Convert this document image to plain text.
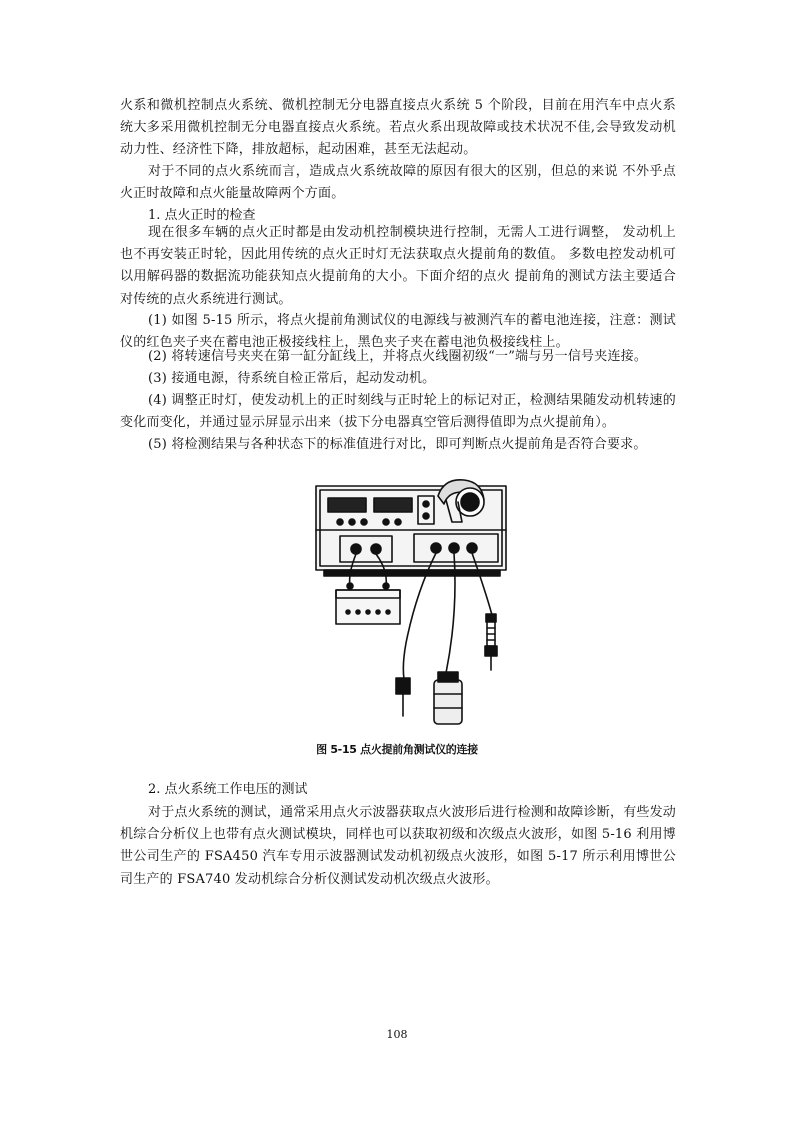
火系和微机控制点火系统、微机控制无分电器直接点火系统 5 个阶段，目前在用汽车中点火系统大多采用微机控制无分电器直接点火系统。若点火系出现故障或技术状况不佳,会导致发动机动力性、经济性下降，排放超标，起动困难，甚至无法起动。

对于不同的点火系统而言，造成点火系统故障的原因有很大的区别，但总的来说 不外乎点火正时故障和点火能量故障两个方面。

1. 点火正时的检查

现在很多车辆的点火正时都是由发动机控制模块进行控制，无需人工进行调整， 发动机上也不再安装正时轮，因此用传统的点火正时灯无法获取点火提前角的数值。 多数电控发动机可以用解码器的数据流功能获知点火提前角的大小。下面介绍的点火 提前角的测试方法主要适合对传统的点火系统进行测试。

(1) 如图 5-15 所示，将点火提前角测试仪的电源线与被测汽车的蓄电池连接，注意：测试仪的红色夹子夹在蓄电池正极接线柱上，黑色夹子夹在蓄电池负极接线柱上。

(2) 将转速信号夹夹在第一缸分缸线上，并将点火线圈初级“一”端与另一信号夹连接。

(3) 接通电源，待系统自检正常后，起动发动机。

(4) 调整正时灯，使发动机上的正时刻线与正时轮上的标记对正，检测结果随发动机转速的变化而变化，并通过显示屏显示出来（拔下分电器真空管后测得值即为点火提前角）。

(5) 将检测结果与各种状态下的标准值进行对比，即可判断点火提前角是否符合要求。

图 5-15 点火提前角测试仪的连接

2. 点火系统工作电压的测试

对于点火系统的测试，通常采用点火示波器获取点火波形后进行检测和故障诊断，有些发动机综合分析仪上也带有点火测试模块，同样也可以获取初级和次级点火波形，如图 5-16 利用博世公司生产的 FSA450 汽车专用示波器测试发动机初级点火波形，如图 5-17 所示利用博世公司生产的 FSA740 发动机综合分析仪测试发动机次级点火波形。

108
